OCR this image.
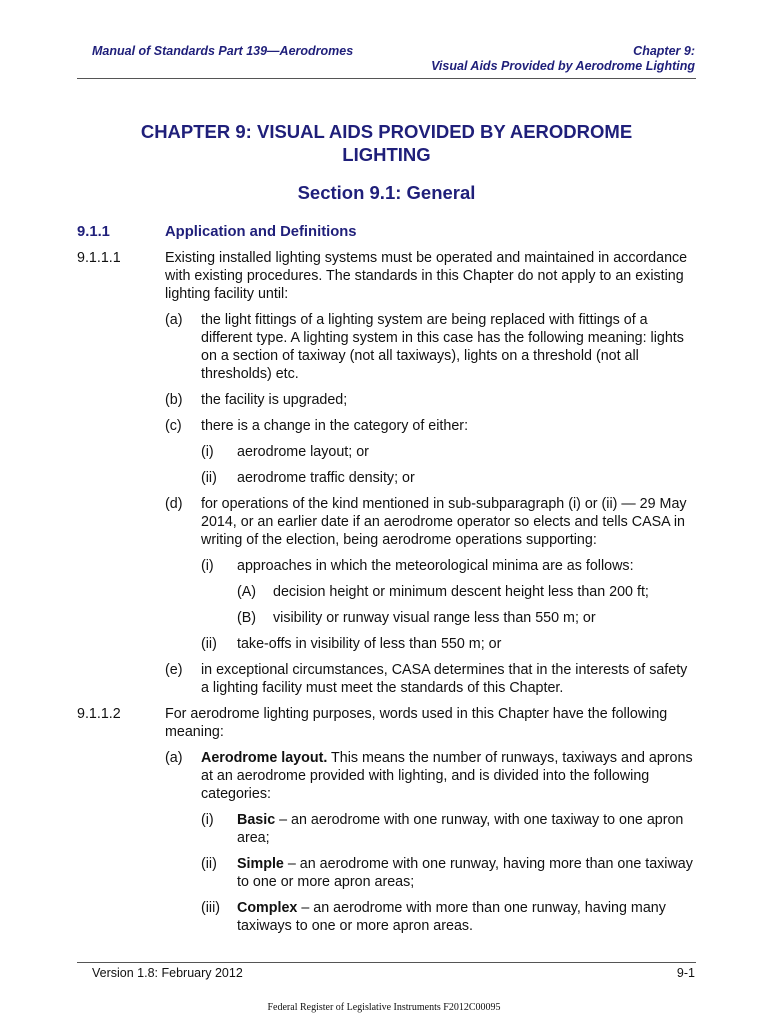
Manual of Standards Part 139—Aerodromes	Chapter 9:
Visual Aids Provided by Aerodrome Lighting
CHAPTER 9: VISUAL AIDS PROVIDED BY AERODROME
LIGHTING
Section 9.1: General
9.1.1	Application and Definitions
9.1.1.1	Existing installed lighting systems must be operated and maintained in accordance with existing procedures. The standards in this Chapter do not apply to an existing lighting facility until:
(a)	the light fittings of a lighting system are being replaced with fittings of a different type. A lighting system in this case has the following meaning: lights on a section of taxiway (not all taxiways), lights on a threshold (not all thresholds) etc.
(b)	the facility is upgraded;
(c)	there is a change in the category of either:
(i)	aerodrome layout; or
(ii)	aerodrome traffic density; or
(d)	for operations of the kind mentioned in sub-subparagraph (i) or (ii) — 29 May 2014, or an earlier date if an aerodrome operator so elects and tells CASA in writing of the election, being aerodrome operations supporting:
(i)	approaches in which the meteorological minima are as follows:
(A)	decision height or minimum descent height less than 200 ft;
(B)	visibility or runway visual range less than 550 m; or
(ii)	take-offs in visibility of less than 550 m; or
(e)	in exceptional circumstances, CASA determines that in the interests of safety a lighting facility must meet the standards of this Chapter.
9.1.1.2	For aerodrome lighting purposes, words used in this Chapter have the following meaning:
(a)	Aerodrome layout. This means the number of runways, taxiways and aprons at an aerodrome provided with lighting, and is divided into the following categories:
(i)	Basic – an aerodrome with one runway, with one taxiway to one apron area;
(ii)	Simple – an aerodrome with one runway, having more than one taxiway to one or more apron areas;
(iii)	Complex – an aerodrome with more than one runway, having many taxiways to one or more apron areas.
Version 1.8: February 2012	9-1
Federal Register of Legislative Instruments F2012C00095
